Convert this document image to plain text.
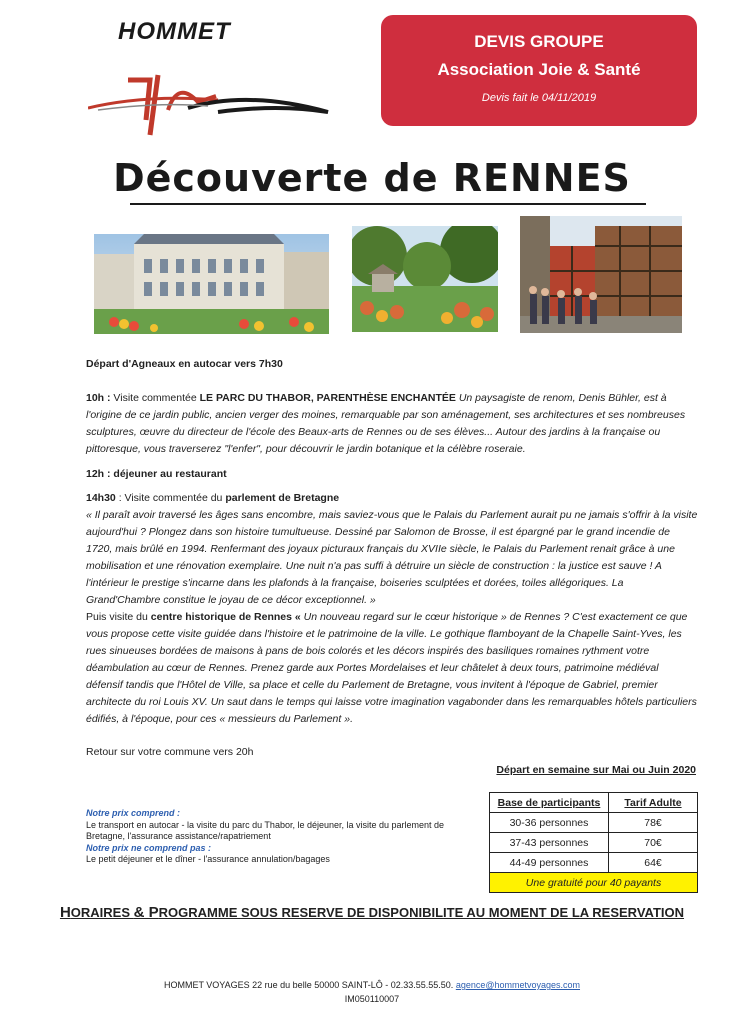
HOMMET	DEVIS GROUPE
Association Joie & Santé
Devis fait le 04/11/2019
Découverte de RENNES
Départ d'Agneaux en autocar vers 7h30
10h : Visite commentée LE PARC DU THABOR, PARENTHÈSE ENCHANTÉE Un paysagiste de renom, Denis Bühler, est à l'origine de ce jardin public, ancien verger des moines, remarquable par son aménagement, ses architectures et ses nombreuses sculptures, œuvre du directeur de l'école des Beaux-arts de Rennes ou de ses élèves... Autour des jardins à la française ou pittoresque, vous traverserez "l'enfer", pour découvrir le jardin botanique et la célèbre roseraie.
12h : déjeuner au restaurant
14h30 : Visite commentée du parlement de Bretagne
« Il paraît avoir traversé les âges sans encombre, mais saviez-vous que le Palais du Parlement aurait pu ne jamais s'offrir à la visite aujourd'hui ? Plongez dans son histoire tumultueuse. Dessiné par Salomon de Brosse, il est épargné par le grand incendie de 1720, mais brûlé en 1994. Renfermant des joyaux picturaux français du XVIIe siècle, le Palais du Parlement renait grâce à une mobilisation et une rénovation exemplaire. Une nuit n'a pas suffi à détruire un siècle de construction : la justice est sauve ! A l'intérieur le prestige s'incarne dans les plafonds à la française, boiseries sculptées et dorées, toiles allégoriques. La Grand'Chambre constitue le joyau de ce décor exceptionnel. »
Puis visite du centre historique de Rennes « Un nouveau regard sur le cœur historique » de Rennes ? C'est exactement ce que vous propose cette visite guidée dans l'histoire et le patrimoine de la ville. Le gothique flamboyant de la Chapelle Saint-Yves, les rues sinueuses bordées de maisons à pans de bois colorés et les décors inspirés des basiliques romaines rythment votre déambulation au cœur de Rennes. Prenez garde aux Portes Mordelaises et leur châtelet à deux tours, patrimoine médiéval défensif tandis que l'Hôtel de Ville, sa place et celle du Parlement de Bretagne, vous invitent à l'époque de Gabriel, premier architecte du roi Louis XV. Un saut dans le temps qui laisse votre imagination vagabonder dans les remarquables hôtels particuliers édifiés, à l'époque, pour ces « messieurs du Parlement ».
Retour sur votre commune vers 20h
Départ en semaine sur Mai ou Juin 2020
Base de participants	Tarif Adulte
30-36 personnes	78€
37-43 personnes	70€
44-49 personnes	64€
Une gratuité pour 40 payants	
Notre prix comprend :
Le transport en autocar - la visite du parc du Thabor, le déjeuner, la visite du parlement de Bretagne, l'assurance assistance/rapatriement
Notre prix ne comprend pas :
Le petit déjeuner et le dîner - l'assurance annulation/bagages
HORAIRES & PROGRAMME SOUS RESERVE DE DISPONIBILITE AU MOMENT DE LA RESERVATION
HOMMET VOYAGES 22 rue du belle 50000 SAINT-LÔ - 02.33.55.55.50. agence@hommetvoyages.com
IM050110007
